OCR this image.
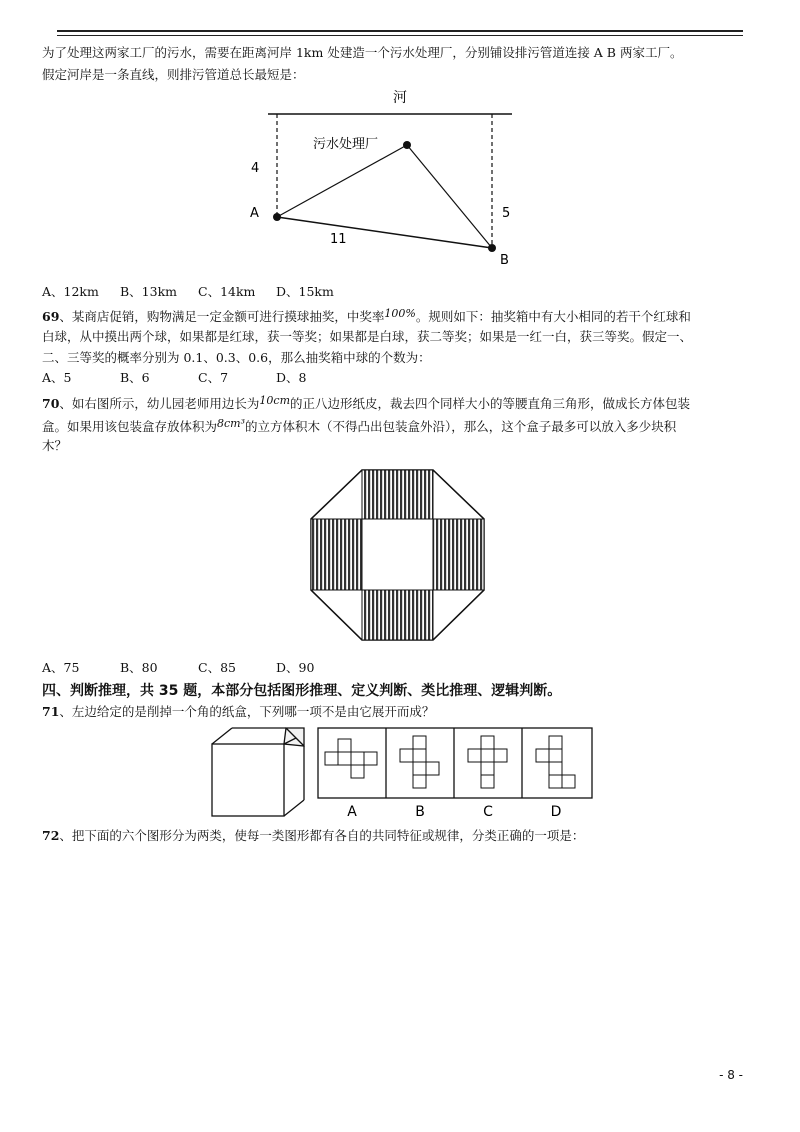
为了处理这两家工厂的污水，需要在距离河岸 1km 处建造一个污水处理厂，分别铺设排污管道连接 A B 两家工厂。
假定河岸是一条直线，则排污管道总长最短是：
河
污水处理厂
4
5
11
A
B
A、12km B、13km C、14km D、15km
69、某商店促销，购物满足一定金额可进行摸球抽奖，中奖率100%。规则如下：抽奖箱中有大小相同的若干个红球和
白球，从中摸出两个球，如果都是红球，获一等奖；如果都是白球，获二等奖；如果是一红一白，获三等奖。假定一、
二、三等奖的概率分别为 0.1、0.3、0.6，那么抽奖箱中球的个数为：
A、5	B、6	C、7	D、8
70、如右图所示，幼儿园老师用边长为10cm的正八边形纸皮，裁去四个同样大小的等腰直角三角形，做成长方体包装
盒。如果用该包装盒存放体积为8cm³的立方体积木（不得凸出包装盒外沿），那么，这个盒子最多可以放入多少块积
木？
A、75	B、80	C、85	D、90
四、判断推理，共 35 题，本部分包括图形推理、定义判断、类比推理、逻辑判断。
71、左边给定的是削掉一个角的纸盒，下列哪一项不是由它展开而成？
A	B	C	D
72、把下面的六个图形分为两类，使每一类图形都有各自的共同特征或规律，分类正确的一项是：
- 8 -
